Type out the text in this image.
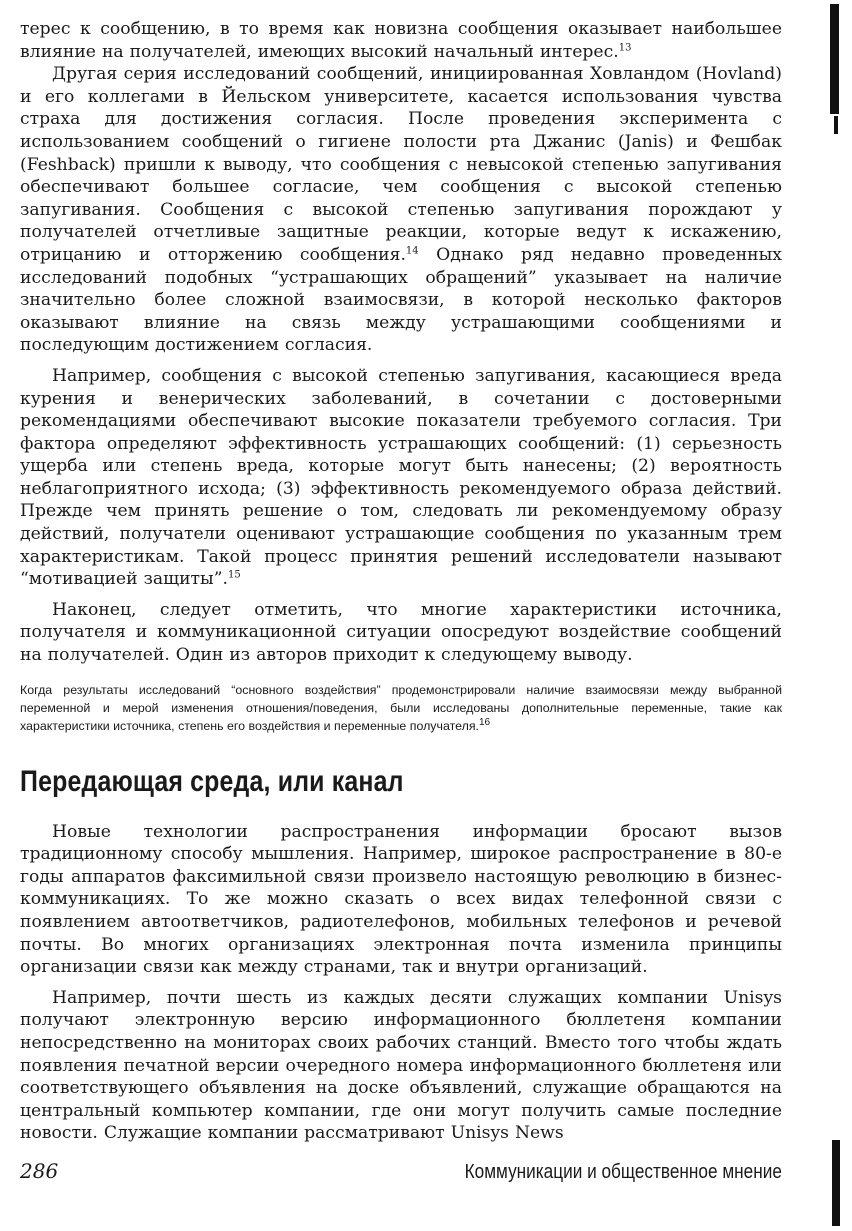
терес к сообщению, в то время как новизна сообщения оказывает наибольшее влияние на получателей, имеющих высокий начальный интерес.$^{13}$

Другая серия исследований сообщений, инициированная Ховландом (Hovland) и его коллегами в Йельском университете, касается использования чувства страха для достижения согласия. После проведения эксперимента с использованием сообщений о гигиене полости рта Джанис (Janis) и Фешбак (Feshback) пришли к выводу, что сообщения с невысокой степенью запугивания обеспечивают большее согласие, чем сообщения с высокой степенью запугивания. Сообщения с высокой степенью запугивания порождают у получателей отчетливые защитные реакции, которые ведут к искажению, отрицанию и отторжению сообщения.$^{14}$ Однако ряд недавно проведенных исследований подобных “устрашающих обращений” указывает на наличие значительно более сложной взаимосвязи, в которой несколько факторов оказывают влияние на связь между устрашающими сообщениями и последующим достижением согласия.

Например, сообщения с высокой степенью запугивания, касающиеся вреда курения и венерических заболеваний, в сочетании с достоверными рекомендациями обеспечивают высокие показатели требуемого согласия. Три фактора определяют эффективность устрашающих сообщений: (1) серьезность ущерба или степень вреда, которые могут быть нанесены; (2) вероятность неблагоприятного исхода; (3) эффективность рекомендуемого образа действий. Прежде чем принять решение о том, следовать ли рекомендуемому образу действий, получатели оценивают устрашающие сообщения по указанным трем характеристикам. Такой процесс принятия решений исследователи называют “мотивацией защиты”.$^{15}$

Наконец, следует отметить, что многие характеристики источника, получателя и коммуникационной ситуации опосредуют воздействие сообщений на получателей. Один из авторов приходит к следующему выводу.

Когда результаты исследований “основного воздействия” продемонстрировали наличие взаимосвязи между выбранной переменной и мерой изменения отношения/поведения, были исследованы дополнительные переменные, такие как характеристики источника, степень его воздействия и переменные получателя.$^{16}$

Передающая среда, или канал

Новые технологии распространения информации бросают вызов традиционному способу мышления. Например, широкое распространение в 80-е годы аппаратов факсимильной связи произвело настоящую революцию в бизнес-коммуникациях. То же можно сказать о всех видах телефонной связи с появлением автоответчиков, радиотелефонов, мобильных телефонов и речевой почты. Во многих организациях электронная почта изменила принципы организации связи как между странами, так и внутри организаций.

Например, почти шесть из каждых десяти служащих компании Unisys получают электронную версию информационного бюллетеня компании непосредственно на мониторах своих рабочих станций. Вместо того чтобы ждать появления печатной версии очередного номера информационного бюллетеня или соответствующего объявления на доске объявлений, служащие обращаются на центральный компьютер компании, где они могут получить самые последние новости. Служащие компании рассматривают Unisys News

286	Коммуникации и общественное мнение
